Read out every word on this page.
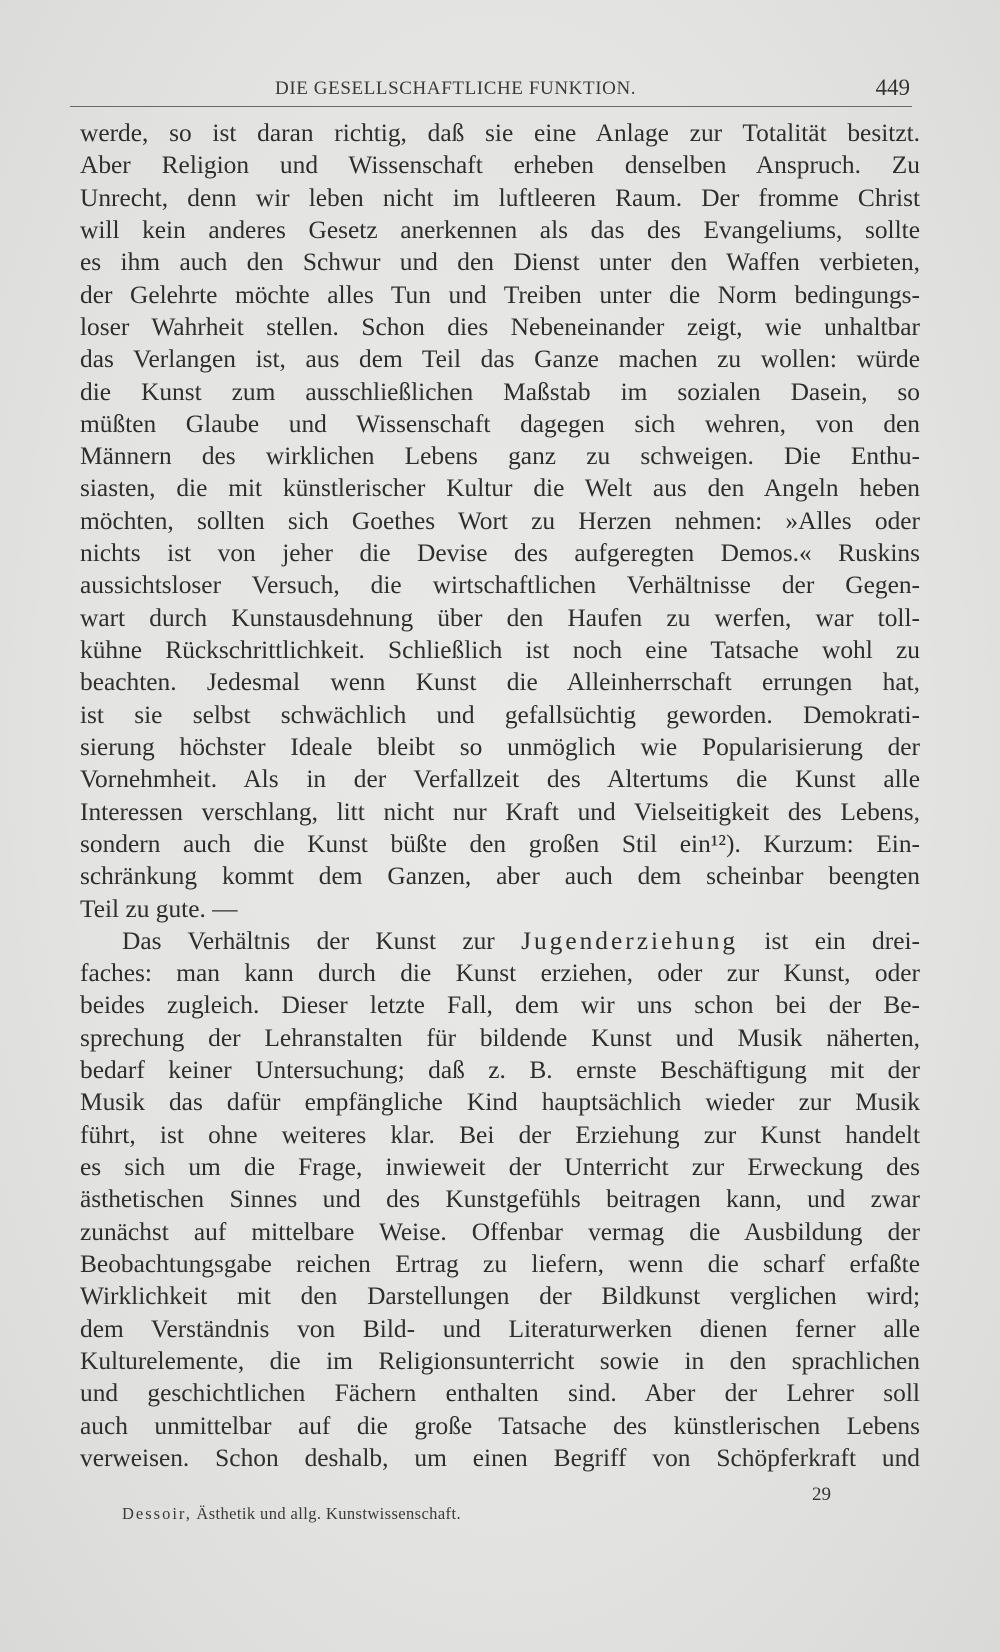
DIE GESELLSCHAFTLICHE FUNKTION.	449
werde, so ist daran richtig, daß sie eine Anlage zur Totalität besitzt.
Aber Religion und Wissenschaft erheben denselben Anspruch. Zu
Unrecht, denn wir leben nicht im luftleeren Raum. Der fromme Christ
will kein anderes Gesetz anerkennen als das des Evangeliums, sollte
es ihm auch den Schwur und den Dienst unter den Waffen verbieten,
der Gelehrte möchte alles Tun und Treiben unter die Norm bedingungs-
loser Wahrheit stellen. Schon dies Nebeneinander zeigt, wie unhaltbar
das Verlangen ist, aus dem Teil das Ganze machen zu wollen: würde
die Kunst zum ausschließlichen Maßstab im sozialen Dasein, so
müßten Glaube und Wissenschaft dagegen sich wehren, von den
Männern des wirklichen Lebens ganz zu schweigen. Die Enthu-
siasten, die mit künstlerischer Kultur die Welt aus den Angeln heben
möchten, sollten sich Goethes Wort zu Herzen nehmen: »Alles oder
nichts ist von jeher die Devise des aufgeregten Demos.« Ruskins
aussichtsloser Versuch, die wirtschaftlichen Verhältnisse der Gegen-
wart durch Kunstausdehnung über den Haufen zu werfen, war toll-
kühne Rückschrittlichkeit. Schließlich ist noch eine Tatsache wohl zu
beachten. Jedesmal wenn Kunst die Alleinherrschaft errungen hat,
ist sie selbst schwächlich und gefallsüchtig geworden. Demokrati-
sierung höchster Ideale bleibt so unmöglich wie Popularisierung der
Vornehmheit. Als in der Verfallzeit des Altertums die Kunst alle
Interessen verschlang, litt nicht nur Kraft und Vielseitigkeit des Lebens,
sondern auch die Kunst büßte den großen Stil ein¹²). Kurzum: Ein-
schränkung kommt dem Ganzen, aber auch dem scheinbar beengten
Teil zu gute. —
Das Verhältnis der Kunst zur Jugenderziehung ist ein drei-
faches: man kann durch die Kunst erziehen, oder zur Kunst, oder
beides zugleich. Dieser letzte Fall, dem wir uns schon bei der Be-
sprechung der Lehranstalten für bildende Kunst und Musik näherten,
bedarf keiner Untersuchung; daß z. B. ernste Beschäftigung mit der
Musik das dafür empfängliche Kind hauptsächlich wieder zur Musik
führt, ist ohne weiteres klar. Bei der Erziehung zur Kunst handelt
es sich um die Frage, inwieweit der Unterricht zur Erweckung des
ästhetischen Sinnes und des Kunstgefühls beitragen kann, und zwar
zunächst auf mittelbare Weise. Offenbar vermag die Ausbildung der
Beobachtungsgabe reichen Ertrag zu liefern, wenn die scharf erfaßte
Wirklichkeit mit den Darstellungen der Bildkunst verglichen wird;
dem Verständnis von Bild- und Literaturwerken dienen ferner alle
Kulturelemente, die im Religionsunterricht sowie in den sprachlichen
und geschichtlichen Fächern enthalten sind. Aber der Lehrer soll
auch unmittelbar auf die große Tatsache des künstlerischen Lebens
verweisen. Schon deshalb, um einen Begriff von Schöpferkraft und
Dessoir, Ästhetik und allg. Kunstwissenschaft.
29
